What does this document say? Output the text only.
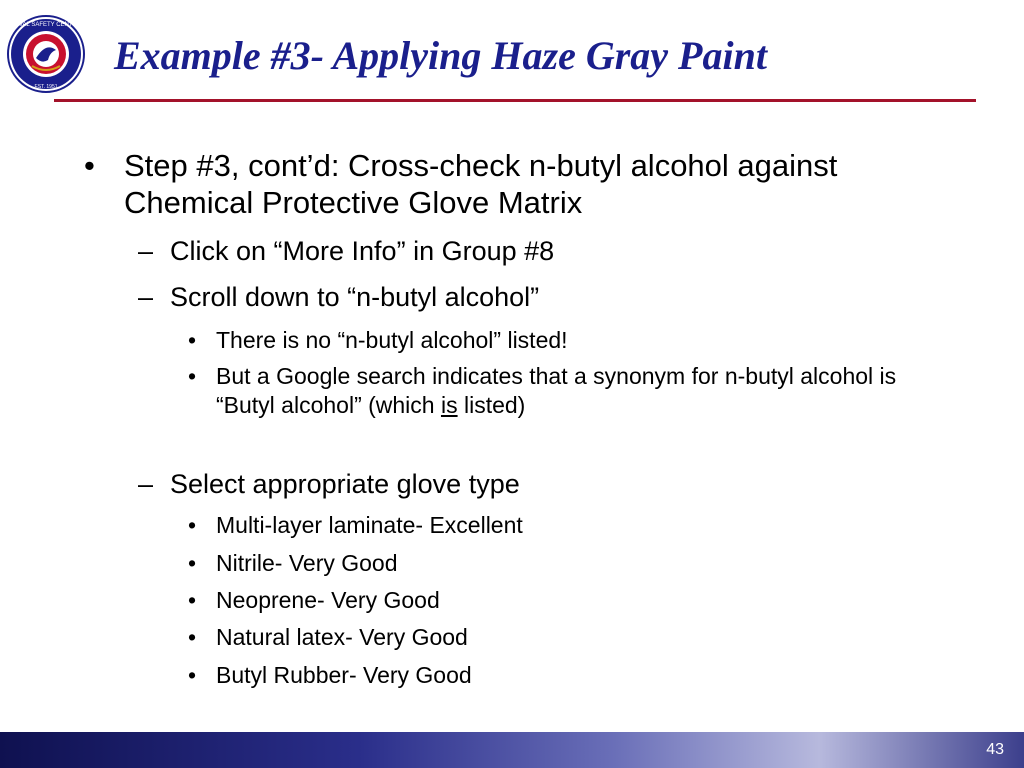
NAVAL SAFETY CENTER
EST. 1951
Example #3- Applying Haze Gray Paint
• Step #3, cont’d: Cross-check n-butyl alcohol against Chemical Protective Glove Matrix
– Click on “More Info” in Group #8
– Scroll down to “n-butyl alcohol”
• There is no “n-butyl alcohol” listed!
• But a Google search indicates that a synonym for n-butyl alcohol is “Butyl alcohol” (which is listed)
– Select appropriate glove type
• Multi-layer laminate- Excellent
• Nitrile- Very Good
• Neoprene- Very Good
• Natural latex- Very Good
• Butyl Rubber- Very Good
43
